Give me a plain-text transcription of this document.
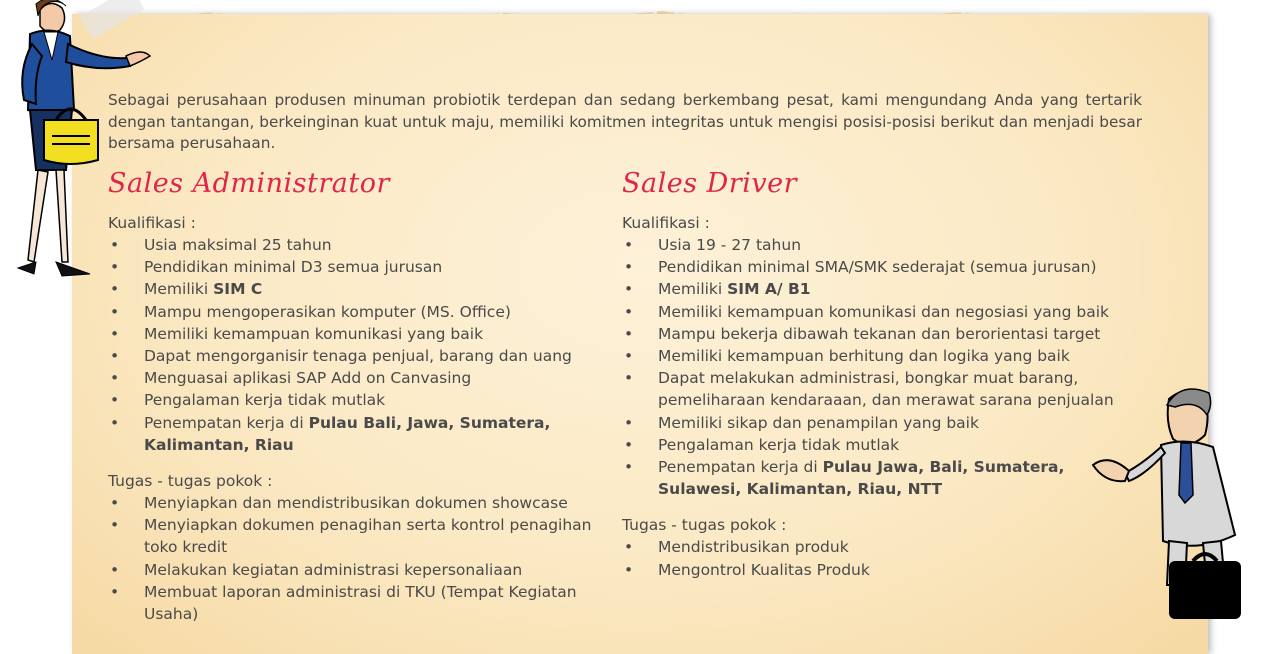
Sebagai perusahaan produsen minuman probiotik terdepan dan sedang berkembang pesat, kami mengundang Anda yang tertarik dengan tantangan, berkeinginan kuat untuk maju, memiliki komitmen integritas untuk mengisi posisi-posisi berikut dan menjadi besar bersama perusahaan.
Sales Administrator
Kualifikasi :
• Usia maksimal 25 tahun
• Pendidikan minimal D3 semua jurusan
• Memiliki SIM C
• Mampu mengoperasikan komputer (MS. Office)
• Memiliki kemampuan komunikasi yang baik
• Dapat mengorganisir tenaga penjual, barang dan uang
• Menguasai aplikasi SAP Add on Canvasing
• Pengalaman kerja tidak mutlak
• Penempatan kerja di Pulau Bali, Jawa, Sumatera, Kalimantan, Riau
Tugas - tugas pokok :
• Menyiapkan dan mendistribusikan dokumen showcase
• Menyiapkan dokumen penagihan serta kontrol penagihan toko kredit
• Melakukan kegiatan administrasi kepersonaliaan
• Membuat laporan administrasi di TKU (Tempat Kegiatan Usaha)
Sales Driver
Kualifikasi :
• Usia 19 - 27 tahun
• Pendidikan minimal SMA/SMK sederajat (semua jurusan)
• Memiliki SIM A/ B1
• Memiliki kemampuan komunikasi dan negosiasi yang baik
• Mampu bekerja dibawah tekanan dan berorientasi target
• Memiliki kemampuan berhitung dan logika yang baik
• Dapat melakukan administrasi, bongkar muat barang, pemeliharaan kendaraaan, dan merawat sarana penjualan
• Memiliki sikap dan penampilan yang baik
• Pengalaman kerja tidak mutlak
• Penempatan kerja di Pulau Jawa, Bali, Sumatera, Sulawesi, Kalimantan, Riau, NTT
Tugas - tugas pokok :
• Mendistribusikan produk
• Mengontrol Kualitas Produk
